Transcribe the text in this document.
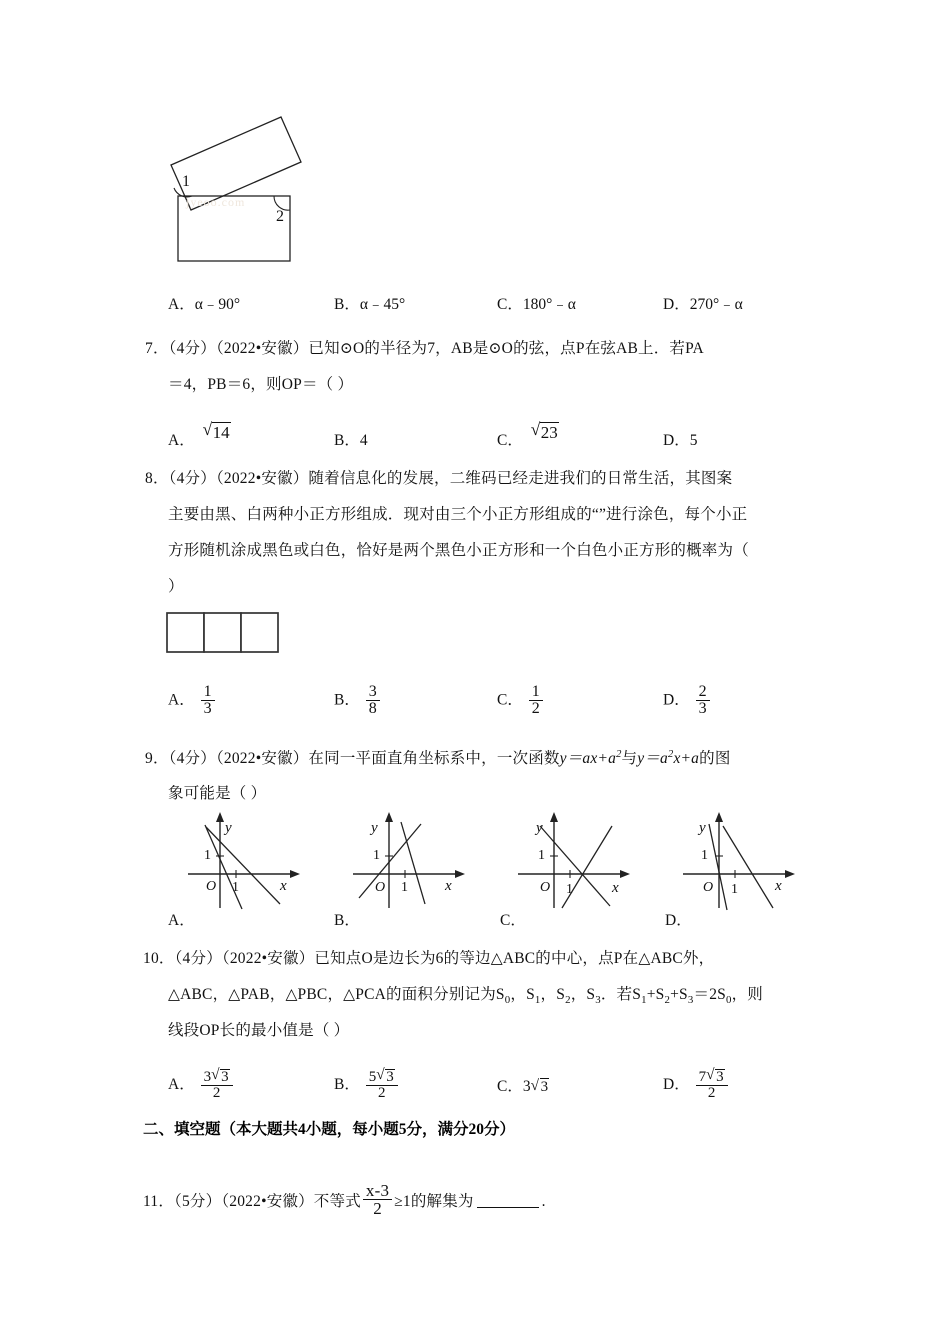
1
2
jyeoo.com
A．α﹣90°	B．α﹣45°	C．180°﹣α	D．270°﹣α
7．（4分）（2022•安徽）已知⊙O的半径为7，AB是⊙O的弦，点P在弦AB上．若PA
＝4，PB＝6，则OP＝（ ）
A． √ 14	B．4	C． √ 23	D．5
8．（4分）（2022•安徽）随着信息化的发展，二维码已经走进我们的日常生活，其图案
主要由黑、白两种小正方形组成．现对由三个小正方形组成的“”进行涂色，每个小正
方形随机涂成黑色或白色，恰好是两个黑色小正方形和一个白色小正方形的概率为（
）
A． $\frac{1}{3}$	B． $\frac{3}{8}$	C． $\frac{1}{2}$	D． $\frac{2}{3}$
9．（4分）（2022•安徽）在同一平面直角坐标系中，一次函数$y=ax+a^2$与$y=a^2x+a$的图
象可能是（ ）
y
x
O 1
1
y
x
O 1
1
y
x
O 1
1
y
x
O 1
1
A．	B．	C．	D．
10．（4分）（2022•安徽）已知点O是边长为6的等边△ABC的中心，点P在△ABC外，
△ABC，△PAB，△PBC，△PCA的面积分别记为$S_0$，$S_1$，$S_2$，$S_3$．若$S_1+S_2+S_3=2S_0$，则
线段OP长的最小值是（ ）
A． $\frac{3 √ 3}{2}$	B． $\frac{5 √ 3}{2}$	C．3 √ 3	D． $\frac{7 √ 3}{2}$
二、填空题（本大题共4小题，每小题5分，满分20分）
11．（5分）（2022•安徽）不等式 $\frac{x-3}{2} \ge 1$的解集为	.
